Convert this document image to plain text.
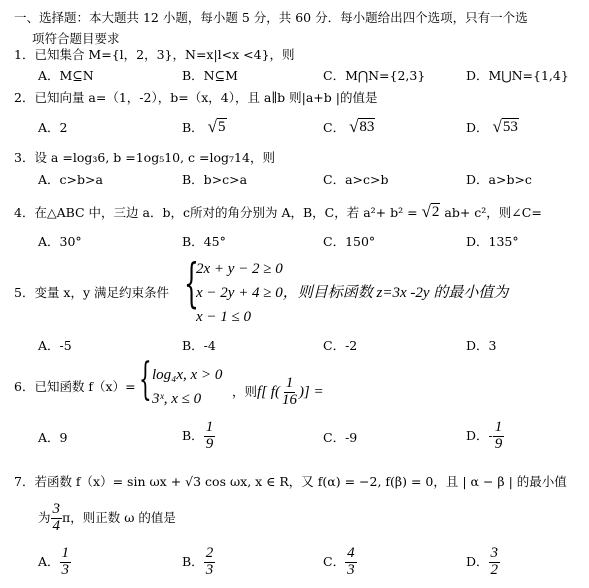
一、选择题：本大题共 12 小题，每小题 5 分，共 60 分．每小题给出四个选项，只有一个选
项符合题目要求
1．已知集合 M={l，2，3}，N=x|l<x <4}，则
A．M⊆N	B．N⊆M	C．M⋂N={2,3}	D．M⋃N={1,4}
2．已知向量 a=（1，-2），b=（x，4），且 a∥b 则|a+b |的值是
A．2	B． √ 5	C． √ 83	D． √ 53
3．设 a =log₃6, b =1og₅10, c =log₇14，则
A．c>b>a	B．b>c>a	C．a>c>b	D．a>b>c
4．在△ABC 中，三边 a．b，c所对的角分别为 A，B，C，若 a²+ b² = √ 2 ab+ c²，则∠C=
A．30°	B．45°	C．150°	D．135°
5．变量 x，y 满足约束条件 {
2x + y − 2 ≥ 0
x − 2y + 4 ≥ 0，则目标函数 z=3x -2y 的最小值为
x − 1 ≤ 0
A．-5	B．-4	C．-2	D．3
6．已知函数 f（x）= { log₄x, x > 0
3ˣ, x ≤ 0 ，则 f[ $f( \frac{1}{16}$ )] =
A．9	B． $\frac{1}{9}$	C．-9	D．- $\frac{1}{9}$
7．若函数 f（x）= sin ωx + √3 cos ωx, x ∈ R，又 f(α) = −2, f(β) = 0，且 | α − β | 的最小值
为 $\frac{3}{4}$ π，则正数 ω 的值是
A． $\frac{1}{3}$	B． $\frac{2}{3}$	C． $\frac{4}{3}$	D． $\frac{3}{2}$
